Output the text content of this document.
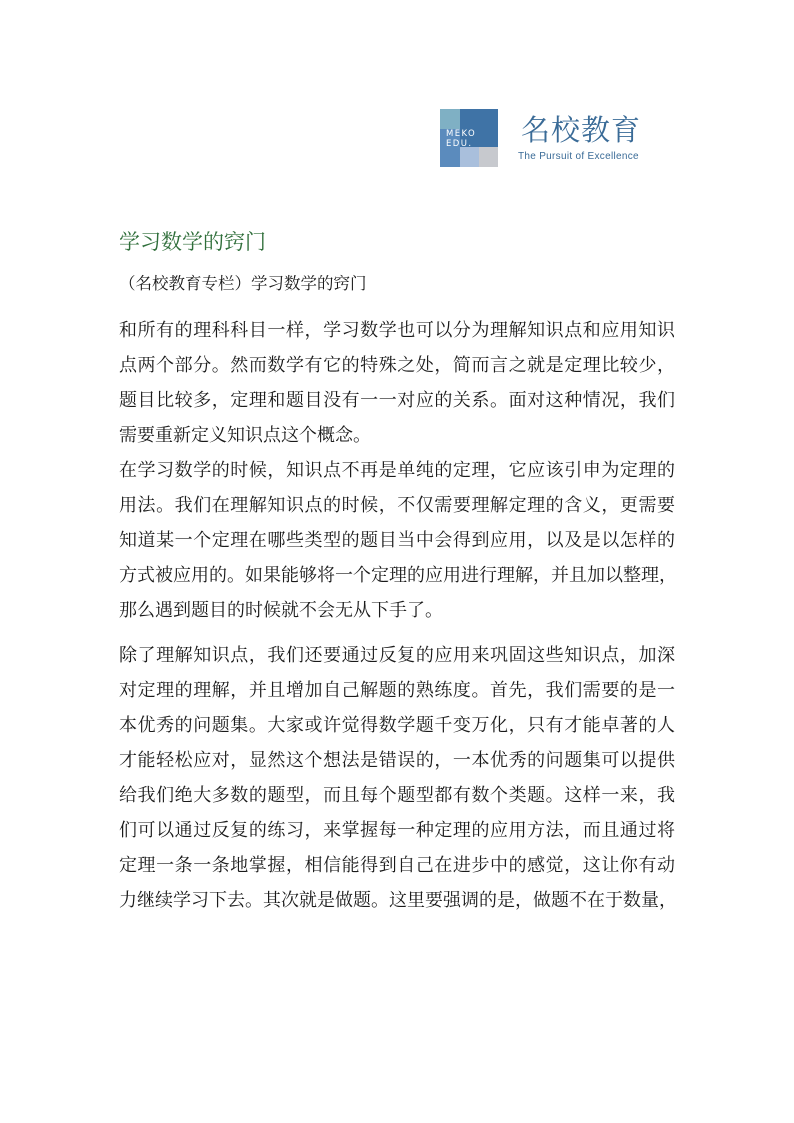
MEKO
EDU.	名校教育
The Pursuit of Excellence
学习数学的窍门

（名校教育专栏）学习数学的窍门

和所有的理科科目一样，学习数学也可以分为理解知识点和应用知识
点两个部分。然而数学有它的特殊之处，简而言之就是定理比较少，
题目比较多，定理和题目没有一一对应的关系。面对这种情况，我们
需要重新定义知识点这个概念。

在学习数学的时候，知识点不再是单纯的定理，它应该引申为定理的
用法。我们在理解知识点的时候，不仅需要理解定理的含义，更需要
知道某一个定理在哪些类型的题目当中会得到应用，以及是以怎样的
方式被应用的。如果能够将一个定理的应用进行理解，并且加以整理，
那么遇到题目的时候就不会无从下手了。

除了理解知识点，我们还要通过反复的应用来巩固这些知识点，加深
对定理的理解，并且增加自己解题的熟练度。首先，我们需要的是一
本优秀的问题集。大家或许觉得数学题千变万化，只有才能卓著的人
才能轻松应对，显然这个想法是错误的，一本优秀的问题集可以提供
给我们绝大多数的题型，而且每个题型都有数个类题。这样一来，我
们可以通过反复的练习，来掌握每一种定理的应用方法，而且通过将
定理一条一条地掌握，相信能得到自己在进步中的感觉，这让你有动
力继续学习下去。其次就是做题。这里要强调的是，做题不在于数量，
